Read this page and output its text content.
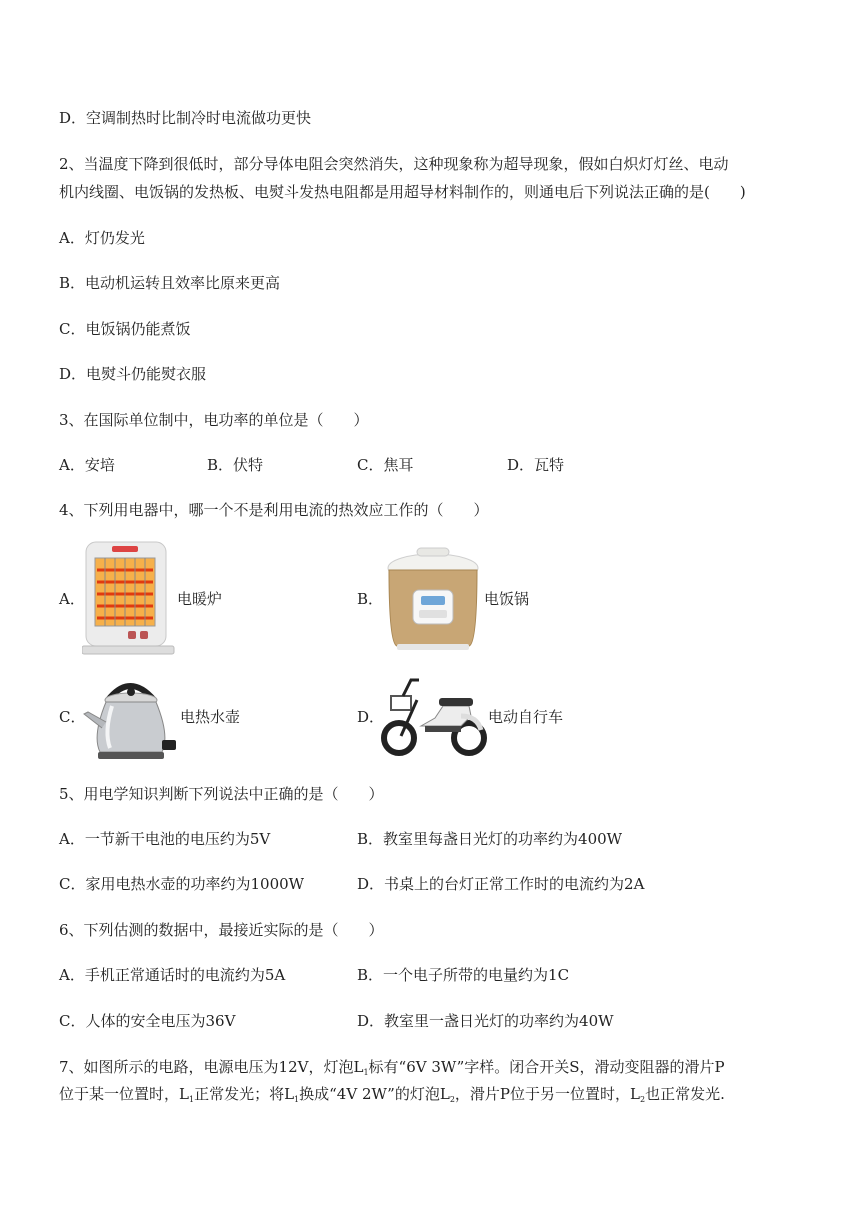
D．空调制热时比制冷时电流做功更快
2、当温度下降到很低时，部分导体电阻会突然消失，这种现象称为超导现象，假如白炽灯灯丝、电动
机内线圈、电饭锅的发热板、电熨斗发热电阻都是用超导材料制作的，则通电后下列说法正确的是(　　)
A．灯仍发光
B．电动机运转且效率比原来更高
C．电饭锅仍能煮饭
D．电熨斗仍能熨衣服
3、在国际单位制中，电功率的单位是（　　）
A．安培	B．伏特	C．焦耳	D．瓦特
4、下列用电器中，哪一个不是利用电流的热效应工作的（　　）
A．	电暖炉	B．	电饭锅
C．	电热水壶	D．	电动自行车
5、用电学知识判断下列说法中正确的是（　　）
A．一节新干电池的电压约为5V	B．教室里每盏日光灯的功率约为400W
C．家用电热水壶的功率约为1000W	D．书桌上的台灯正常工作时的电流约为2A
6、下列估测的数据中，最接近实际的是（　　）
A．手机正常通话时的电流约为5A	B．一个电子所带的电量约为1C
C．人体的安全电压为36V	D．教室里一盏日光灯的功率约为40W
7、如图所示的电路，电源电压为12V，灯泡$L_1$标有“6V 3W”字样。闭合开关S，滑动变阻器的滑片P
位于某一位置时，$L_1$正常发光；将$L_1$换成“4V 2W”的灯泡$L_2$，滑片P位于另一位置时，$L_2$也正常发光.
